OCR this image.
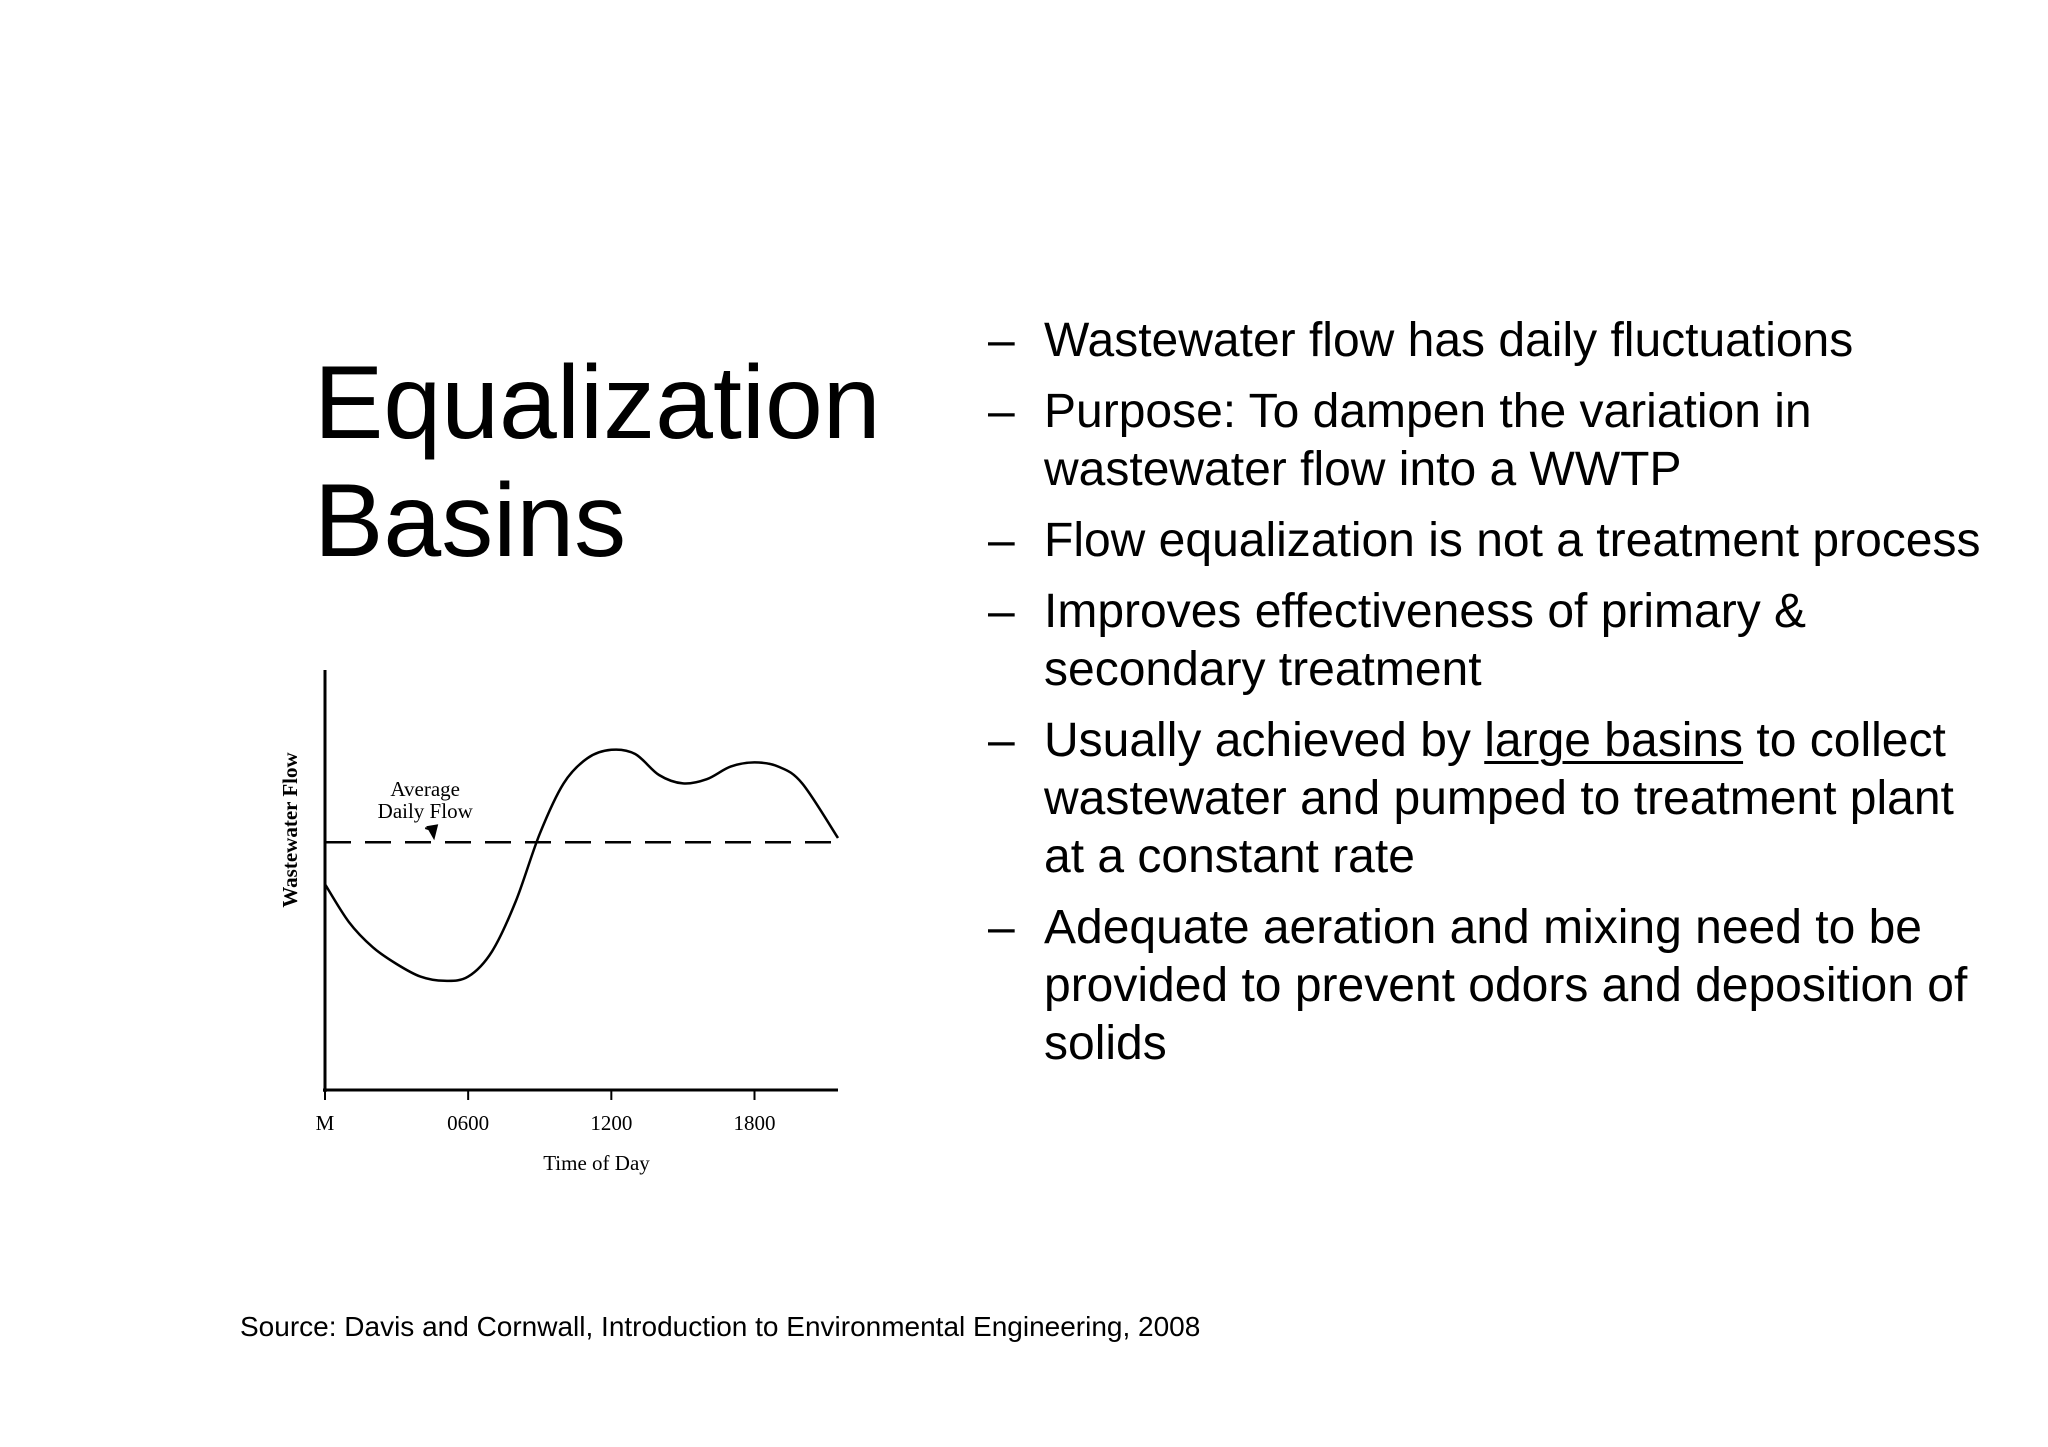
Equalization
Basins
M	0600	1200	1800
Average
Daily Flow
Time of Day
Wastewater Flow
– Wastewater flow has daily fluctuations
– Purpose: To dampen the variation in wastewater flow into a WWTP
– Flow equalization is not a treatment process
– Improves effectiveness of primary & secondary treatment
– Usually achieved by large basins to collect wastewater and pumped to treatment plant at a constant rate
– Adequate aeration and mixing need to be provided to prevent odors and deposition of solids
Source: Davis and Cornwall, Introduction to Environmental Engineering, 2008
